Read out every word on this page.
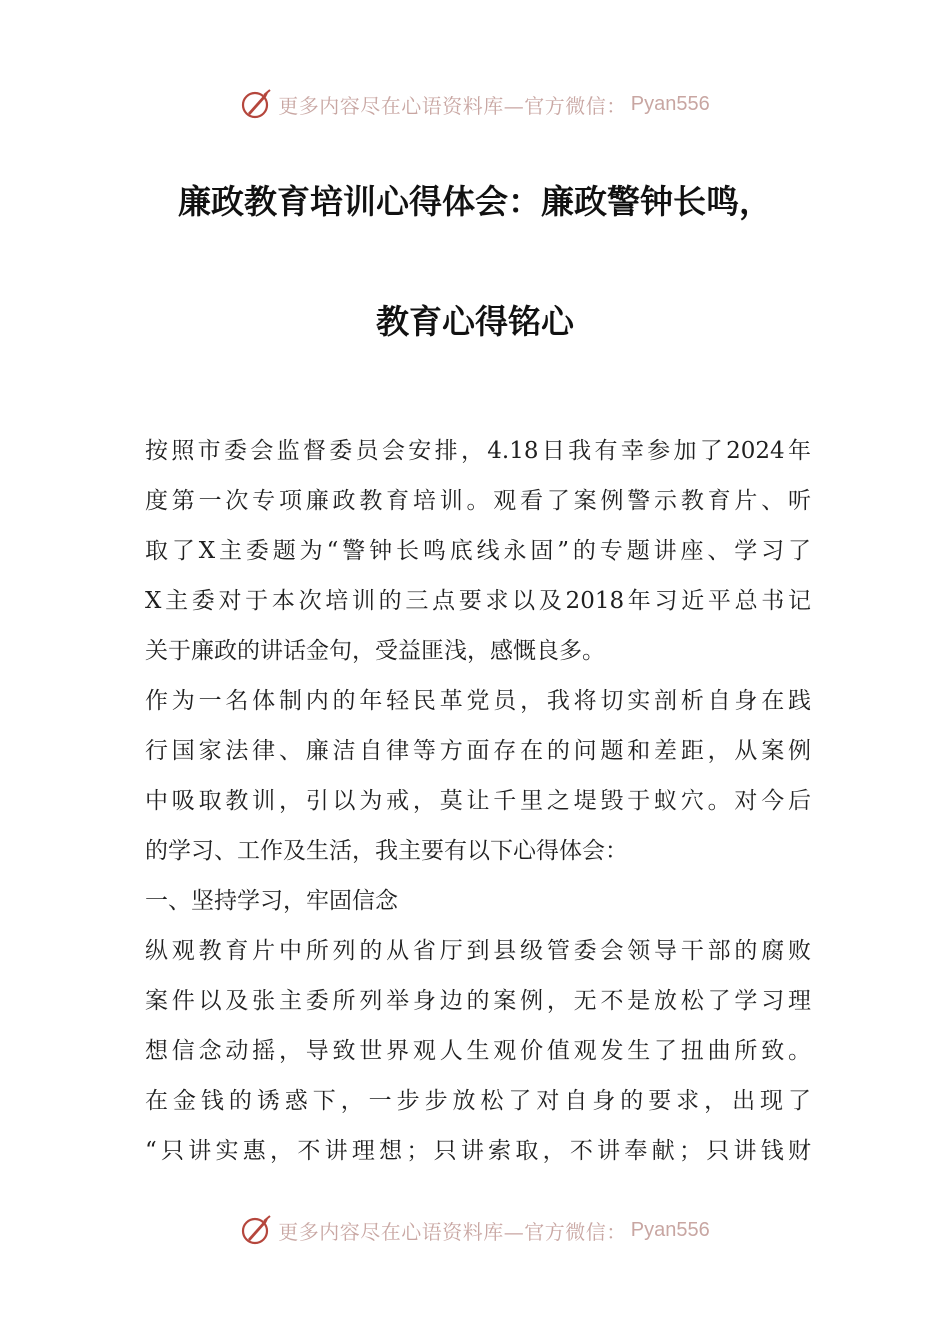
更多内容尽在心语资料库—官方微信： Pyan556
廉政教育培训心得体会：廉政警钟长鸣，
教育心得铭心
按照市委会监督委员会安排，4.18日我有幸参加了2024年
度第一次专项廉政教育培训。观看了案例警示教育片、听
取了X主委题为“警钟长鸣底线永固”的专题讲座、学习了
X主委对于本次培训的三点要求以及2018年习近平总书记
关于廉政的讲话金句，受益匪浅，感慨良多。
作为一名体制内的年轻民革党员，我将切实剖析自身在践
行国家法律、廉洁自律等方面存在的问题和差距，从案例
中吸取教训，引以为戒，莫让千里之堤毁于蚁穴。对今后
的学习、工作及生活，我主要有以下心得体会：
一、坚持学习，牢固信念
纵观教育片中所列的从省厅到县级管委会领导干部的腐败
案件以及张主委所列举身边的案例，无不是放松了学习理
想信念动摇，导致世界观人生观价值观发生了扭曲所致。
在金钱的诱惑下，一步步放松了对自身的要求，出现了
“只讲实惠，不讲理想；只讲索取，不讲奉献；只讲钱财
更多内容尽在心语资料库—官方微信： Pyan556
